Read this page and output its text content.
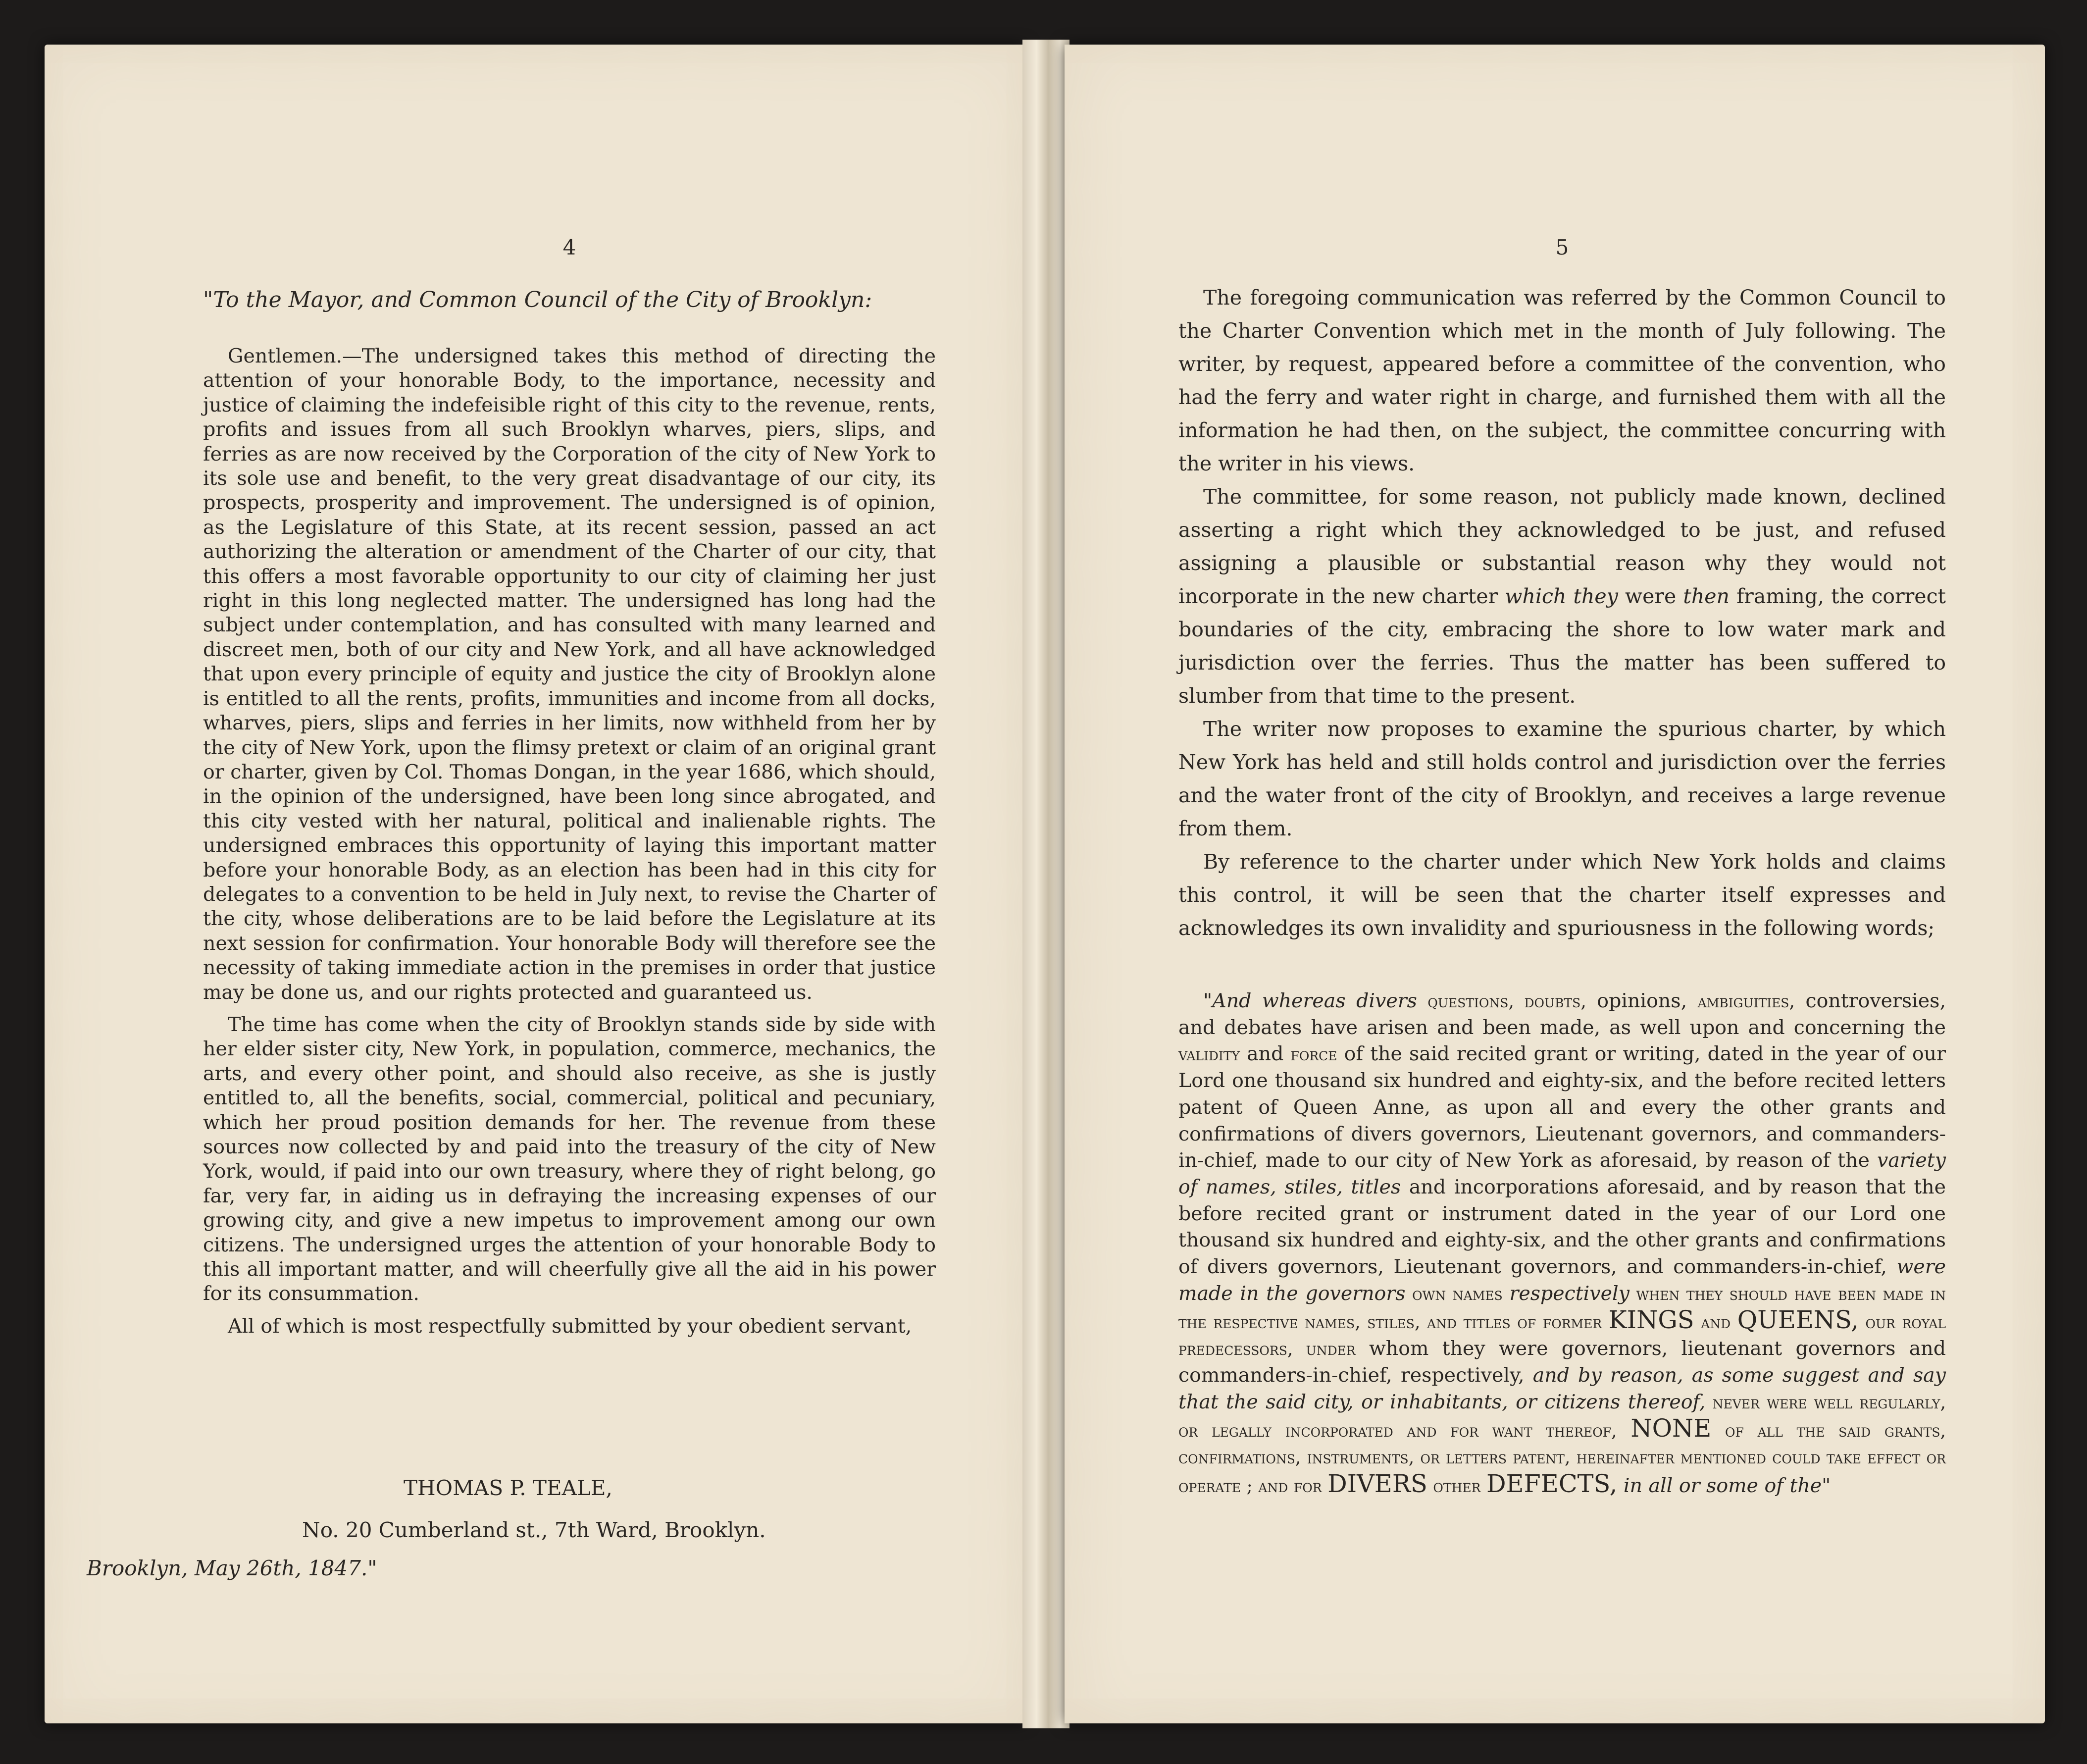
4
"To the Mayor, and Common Council of the City of Brooklyn:

Gentlemen.—The undersigned takes this method of directing the attention of your honorable Body, to the importance, necessity and justice of claiming the indefeisible right of this city to the revenue, rents, profits and issues from all such Brooklyn wharves, piers, slips, and ferries as are now received by the Corporation of the city of New York to its sole use and benefit, to the very great disadvantage of our city, its prospects, prosperity and improvement. The undersigned is of opinion, as the Legislature of this State, at its recent session, passed an act authorizing the alteration or amendment of the Charter of our city, that this offers a most favorable opportunity to our city of claiming her just right in this long neglected matter. The undersigned has long had the subject under contemplation, and has consulted with many learned and discreet men, both of our city and New York, and all have acknowledged that upon every principle of equity and justice the city of Brooklyn alone is entitled to all the rents, profits, immunities and income from all docks, wharves, piers, slips and ferries in her limits, now withheld from her by the city of New York, upon the flimsy pretext or claim of an original grant or charter, given by Col. Thomas Dongan, in the year 1686, which should, in the opinion of the undersigned, have been long since abrogated, and this city vested with her natural, political and inalienable rights. The undersigned embraces this opportunity of laying this important matter before your honorable Body, as an election has been had in this city for delegates to a convention to be held in July next, to revise the Charter of the city, whose deliberations are to be laid before the Legislature at its next session for confirmation. Your honorable Body will therefore see the necessity of taking immediate action in the premises in order that justice may be done us, and our rights protected and guaranteed us.

The time has come when the city of Brooklyn stands side by side with her elder sister city, New York, in population, commerce, mechanics, the arts, and every other point, and should also receive, as she is justly entitled to, all the benefits, social, commercial, political and pecuniary, which her proud position demands for her. The revenue from these sources now collected by and paid into the treasury of the city of New York, would, if paid into our own treasury, where they of right belong, go far, very far, in aiding us in defraying the increasing expenses of our growing city, and give a new impetus to improvement among our own citizens. The undersigned urges the attention of your honorable Body to this all important matter, and will cheerfully give all the aid in his power for its consummation.

All of which is most respectfully submitted by your obedient servant,

THOMAS P. TEALE,
No. 20 Cumberland st., 7th Ward, Brooklyn.
Brooklyn, May 26th, 1847."
5

The foregoing communication was referred by the Common Council to the Charter Convention which met in the month of July following. The writer, by request, appeared before a committee of the convention, who had the ferry and water right in charge, and furnished them with all the information he had then, on the subject, the committee concurring with the writer in his views.

The committee, for some reason, not publicly made known, declined asserting a right which they acknowledged to be just, and refused assigning a plausible or substantial reason why they would not incorporate in the new charter which they were then framing, the correct boundaries of the city, embracing the shore to low water mark and jurisdiction over the ferries. Thus the matter has been suffered to slumber from that time to the present.

The writer now proposes to examine the spurious charter, by which New York has held and still holds control and jurisdiction over the ferries and the water front of the city of Brooklyn, and receives a large revenue from them.

By reference to the charter under which New York holds and claims this control, it will be seen that the charter itself expresses and acknowledges its own invalidity and spuriousness in the following words;

"And whereas divers questions, doubts, opinions, ambiguities, controversies, and debates have arisen and been made, as well upon and concerning the validity and force of the said recited grant or writing, dated in the year of our Lord one thousand six hundred and eighty-six, and the before recited letters patent of Queen Anne, as upon all and every the other grants and confirmations of divers governors, Lieutenant governors, and commanders-in-chief, made to our city of New York as aforesaid, by reason of the variety of names, stiles, titles and incorporations aforesaid, and by reason that the before recited grant or instrument dated in the year of our Lord one thousand six hundred and eighty-six, and the other grants and confirmations of divers governors, Lieutenant governors, and commanders-in-chief, were made in the governors own names respectively when they should have been made in the respective names, stiles, and titles of former KINGS and QUEENS, our royal predecessors, under whom they were governors, lieutenant governors and commanders-in-chief, respectively, and by reason, as some suggest and say that the said city, or inhabitants, or citizens thereof, never were well regularly, or legally incorporated and for want thereof, NONE of all the said grants, confirmations, instruments, or letters patent, hereinafter mentioned could take effect or operate ; and for DIVERS other DEFECTS, in all or some of the"
